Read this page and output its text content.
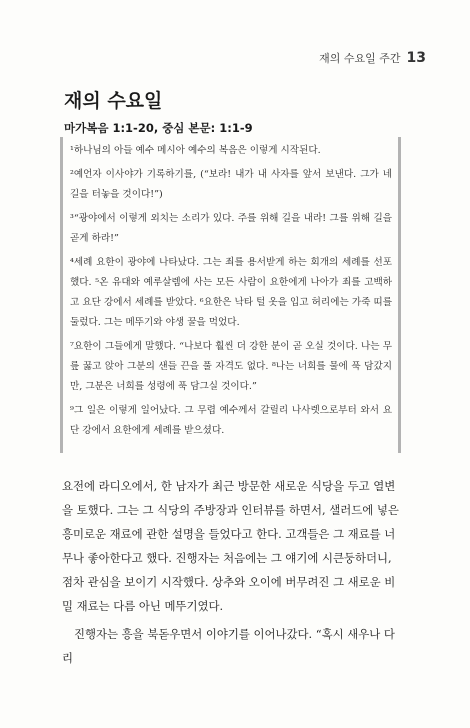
재의 수요일 주간 13
재의 수요일
마가복음 1:1-20, 중심 본문: 1:1-9

¹하나님의 아들 예수 메시아 예수의 복음은 이렇게 시작된다.

²예언자 이사야가 기록하기를, (“보라! 내가 내 사자를 앞서 보낸다. 그가 네 길을 터놓을 것이다!”)

³“광야에서 이렇게 외치는 소리가 있다. 주를 위해 길을 내라! 그를 위해 길을 곧게 하라!”

⁴세례 요한이 광야에 나타났다. 그는 죄를 용서받게 하는 회개의 세례를 선포했다. ⁵온 유대와 예루살렘에 사는 모든 사람이 요한에게 나아가 죄를 고백하고 요단 강에서 세례를 받았다. ⁶요한은 낙타 털 옷을 입고 허리에는 가죽 띠를 둘렀다. 그는 메뚜기와 야생 꿀을 먹었다.

⁷요한이 그들에게 말했다. “나보다 훨씬 더 강한 분이 곧 오실 것이다. 나는 무릎 꿇고 앉아 그분의 샌들 끈을 풀 자격도 없다. ⁸나는 너희를 물에 푹 담갔지만, 그분은 너희를 성령에 푹 담그실 것이다.”

⁹그 일은 이렇게 일어났다. 그 무렵 예수께서 갈릴리 나사렛으로부터 와서 요단 강에서 요한에게 세례를 받으셨다.

요전에 라디오에서, 한 남자가 최근 방문한 새로운 식당을 두고 열변을 토했다. 그는 그 식당의 주방장과 인터뷰를 하면서, 샐러드에 넣은 흥미로운 재료에 관한 설명을 들었다고 한다. 고객들은 그 재료를 너무나 좋아한다고 했다. 진행자는 처음에는 그 얘기에 시큰둥하더니, 점차 관심을 보이기 시작했다. 상추와 오이에 버무려진 그 새로운 비밀 재료는 다름 아닌 메뚜기였다.

진행자는 흥을 북돋우면서 이야기를 이어나갔다. “혹시 새우나 다리
